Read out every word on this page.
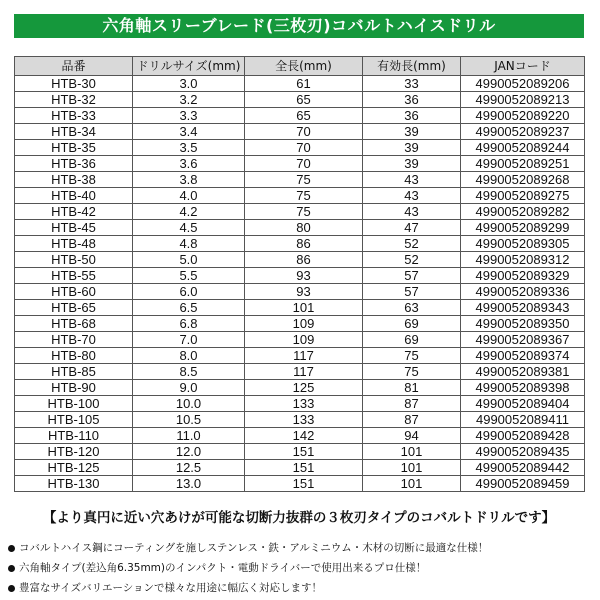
六角軸スリーブレード(三枚刃)コバルトハイスドリル
品番	ドリルサイズ(mm)	全長(mm)	有効長(mm)	JANコード
HTB-30	3.0	61	33	4990052089206
HTB-32	3.2	65	36	4990052089213
HTB-33	3.3	65	36	4990052089220
HTB-34	3.4	70	39	4990052089237
HTB-35	3.5	70	39	4990052089244
HTB-36	3.6	70	39	4990052089251
HTB-38	3.8	75	43	4990052089268
HTB-40	4.0	75	43	4990052089275
HTB-42	4.2	75	43	4990052089282
HTB-45	4.5	80	47	4990052089299
HTB-48	4.8	86	52	4990052089305
HTB-50	5.0	86	52	4990052089312
HTB-55	5.5	93	57	4990052089329
HTB-60	6.0	93	57	4990052089336
HTB-65	6.5	101	63	4990052089343
HTB-68	6.8	109	69	4990052089350
HTB-70	7.0	109	69	4990052089367
HTB-80	8.0	117	75	4990052089374
HTB-85	8.5	117	75	4990052089381
HTB-90	9.0	125	81	4990052089398
HTB-100	10.0	133	87	4990052089404
HTB-105	10.5	133	87	4990052089411
HTB-110	11.0	142	94	4990052089428
HTB-120	12.0	151	101	4990052089435
HTB-125	12.5	151	101	4990052089442
HTB-130	13.0	151	101	4990052089459
【より真円に近い穴あけが可能な切断力抜群の３枚刃タイプのコバルトドリルです】
コバルトハイス鋼にコーティングを施しステンレス・鉄・アルミニウム・木材の切断に最適な仕様！
六角軸タイプ(差込角6.35mm)のインパクト・電動ドライバーで使用出来るプロ仕様！
豊富なサイズバリエーションで様々な用途に幅広く対応します！
